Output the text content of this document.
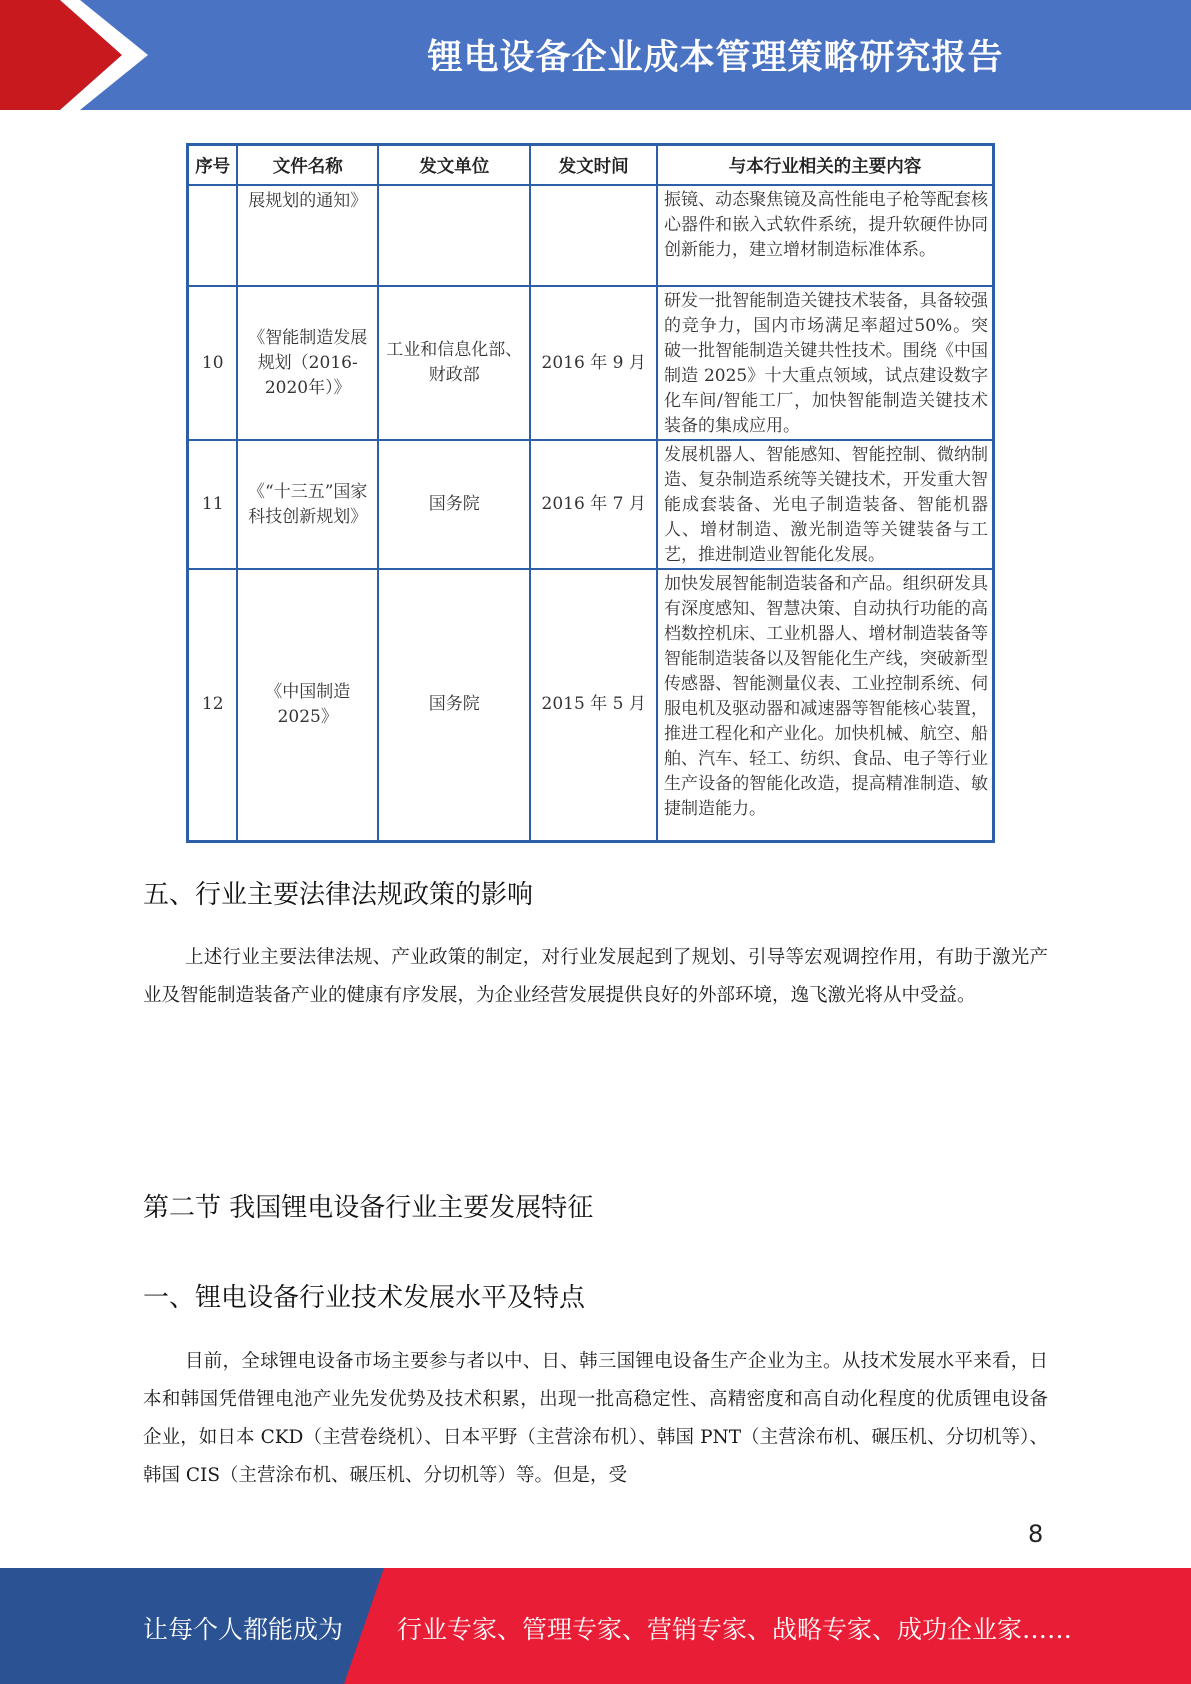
锂电设备企业成本管理策略研究报告
序号	文件名称	发文单位	发文时间	与本行业相关的主要内容
	展规划的通知》			振镜、动态聚焦镜及高性能电子枪等配套核心器件和嵌入式软件系统，提升软硬件协同创新能力，建立增材制造标准体系。
10	《智能制造发展规划（2016-2020年）》	工业和信息化部、财政部	2016 年 9 月	研发一批智能制造关键技术装备，具备较强的竞争力，国内市场满足率超过50%。突破一批智能制造关键共性技术。围绕《中国制造 2025》十大重点领域，试点建设数字化车间/智能工厂，加快智能制造关键技术装备的集成应用。
11	《“十三五”国家科技创新规划》	国务院	2016 年 7 月	发展机器人、智能感知、智能控制、微纳制造、复杂制造系统等关键技术，开发重大智能成套装备、光电子制造装备、智能机器人、增材制造、激光制造等关键装备与工艺，推进制造业智能化发展。
12	《中国制造2025》	国务院	2015 年 5 月	加快发展智能制造装备和产品。组织研发具有深度感知、智慧决策、自动执行功能的高档数控机床、工业机器人、增材制造装备等智能制造装备以及智能化生产线，突破新型传感器、智能测量仪表、工业控制系统、伺服电机及驱动器和减速器等智能核心装置，推进工程化和产业化。加快机械、航空、船舶、汽车、轻工、纺织、食品、电子等行业生产设备的智能化改造，提高精准制造、敏捷制造能力。
五、行业主要法律法规政策的影响
上述行业主要法律法规、产业政策的制定，对行业发展起到了规划、引导等宏观调控作用，有助于激光产业及智能制造装备产业的健康有序发展，为企业经营发展提供良好的外部环境，逸飞激光将从中受益。
第二节 我国锂电设备行业主要发展特征
一、锂电设备行业技术发展水平及特点
目前，全球锂电设备市场主要参与者以中、日、韩三国锂电设备生产企业为主。从技术发展水平来看，日本和韩国凭借锂电池产业先发优势及技术积累，出现一批高稳定性、高精密度和高自动化程度的优质锂电设备企业，如日本 CKD（主营卷绕机）、日本平野（主营涂布机）、韩国 PNT（主营涂布机、碾压机、分切机等）、韩国 CIS（主营涂布机、碾压机、分切机等）等。但是，受
8
让每个人都能成为 行业专家、管理专家、营销专家、战略专家、成功企业家……
